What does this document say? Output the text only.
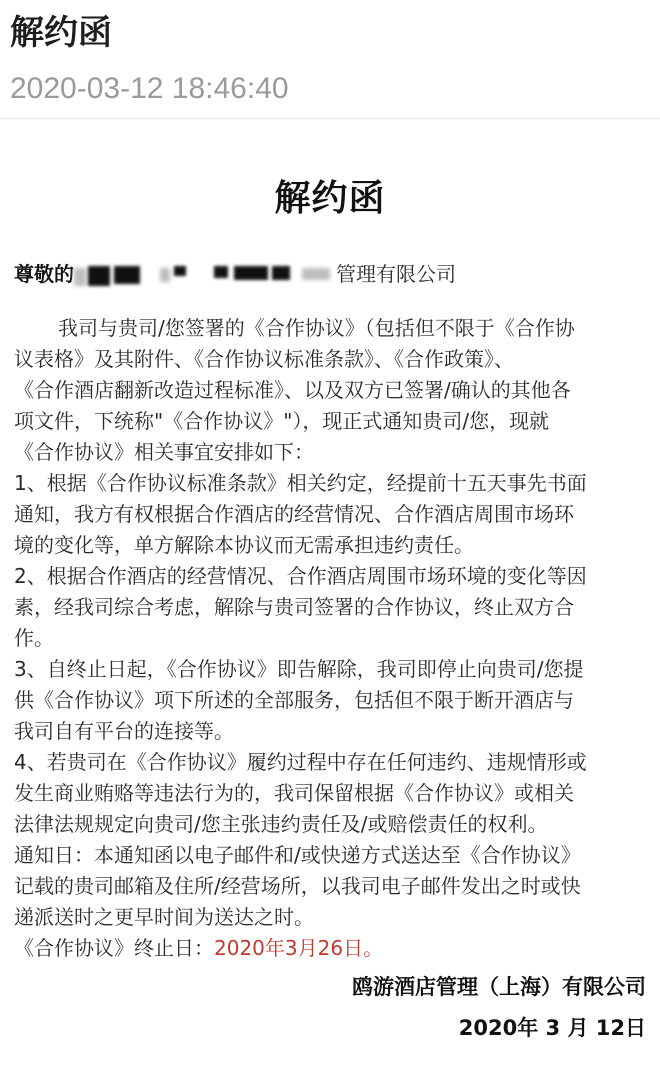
解约函
2020-03-12 18:46:40
解约函
尊敬的	管理有限公司
我司与贵司/您签署的《合作协议》（包括但不限于《合作协
议表格》及其附件、《合作协议标准条款》、《合作政策》、
《合作酒店翻新改造过程标准》、以及双方已签署/确认的其他各
项文件，下统称"《合作协议》"），现正式通知贵司/您，现就
《合作协议》相关事宜安排如下：
1、根据《合作协议标准条款》相关约定，经提前十五天事先书面
通知，我方有权根据合作酒店的经营情况、合作酒店周围市场环
境的变化等，单方解除本协议而无需承担违约责任。
2、根据合作酒店的经营情况、合作酒店周围市场环境的变化等因
素，经我司综合考虑，解除与贵司签署的合作协议，终止双方合
作。
3、自终止日起，《合作协议》即告解除，我司即停止向贵司/您提
供《合作协议》项下所述的全部服务，包括但不限于断开酒店与
我司自有平台的连接等。
4、若贵司在《合作协议》履约过程中存在任何违约、违规情形或
发生商业贿赂等违法行为的，我司保留根据《合作协议》或相关
法律法规规定向贵司/您主张违约责任及/或赔偿责任的权利。
通知日：本通知函以电子邮件和/或快递方式送达至《合作协议》
记载的贵司邮箱及住所/经营场所，以我司电子邮件发出之时或快
递派送时之更早时间为送达之时。
《合作协议》终止日：2020年3月26日。
鸥游酒店管理（上海）有限公司
2020年 3 月 12日
